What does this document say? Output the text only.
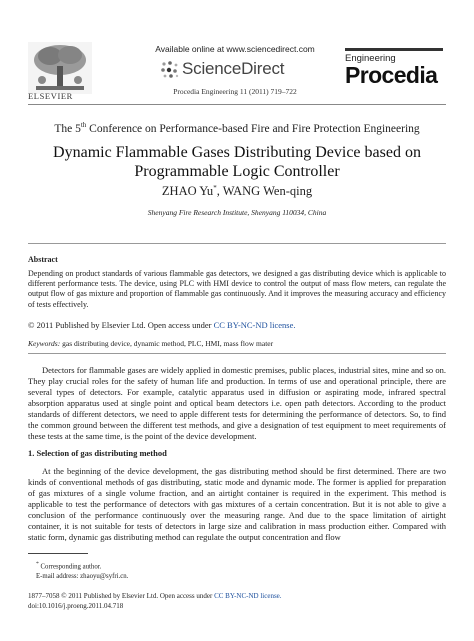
ELSEVIER
Available online at www.sciencedirect.com
ScienceDirect
Procedia Engineering 11 (2011) 719–722
Engineering
Procedia
The 5th Conference on Performance-based Fire and Fire Protection Engineering
Dynamic Flammable Gases Distributing Device based on Programmable Logic Controller
ZHAO Yu*, WANG Wen-qing
Shenyang Fire Research Institute, Shenyang 110034, China
Abstract
Depending on product standards of various flammable gas detectors, we designed a gas distributing device which is applicable to different performance tests. The device, using PLC with HMI device to control the output of mass flow meters, can regulate the output flow of gas mixture and proportion of flammable gas continuously. And it improves the measuring accuracy and efficiency of tests effectively.
© 2011 Published by Elsevier Ltd. Open access under CC BY-NC-ND license.
Keywords: gas distributing device, dynamic method, PLC, HMI, mass flow mater

Detectors for flammable gases are widely applied in domestic premises, public places, industrial sites, mine and so on. They play crucial roles for the safety of human life and production. In terms of use and operational principle, there are several types of detectors. For example, catalytic apparatus used in diffusion or aspirating mode, infrared spectral absorption apparatus used at single point and optical beam detectors i.e. open path detectors. According to the product standards of different detectors, we need to apple different tests for determining the performance of detectors. So, to find the common ground between the different test methods, and give a designation of test equipment to meet requirements of these tests at the same time, is the point of the device development.

1. Selection of gas distributing method

At the beginning of the device development, the gas distributing method should be first determined. There are two kinds of conventional methods of gas distributing, static mode and dynamic mode. The former is applied for preparation of gas mixtures of a single volume fraction, and an airtight container is required in the experiment. This method is applicable to test the performance of detectors with gas mixtures of a certain concentration. But it is not able to give a conclusion of the performance continuously over the measuring range. And due to the space limitation of airtight container, it is not suitable for tests of detectors in large size and calibration in mass production either. Compared with static form, dynamic gas distributing method can regulate the output concentration and flow

* Corresponding author.
E-mail address: zhaoyu@syfri.cn.
1877–7058 © 2011 Published by Elsevier Ltd. Open access under CC BY-NC-ND license.
doi:10.1016/j.proeng.2011.04.718
